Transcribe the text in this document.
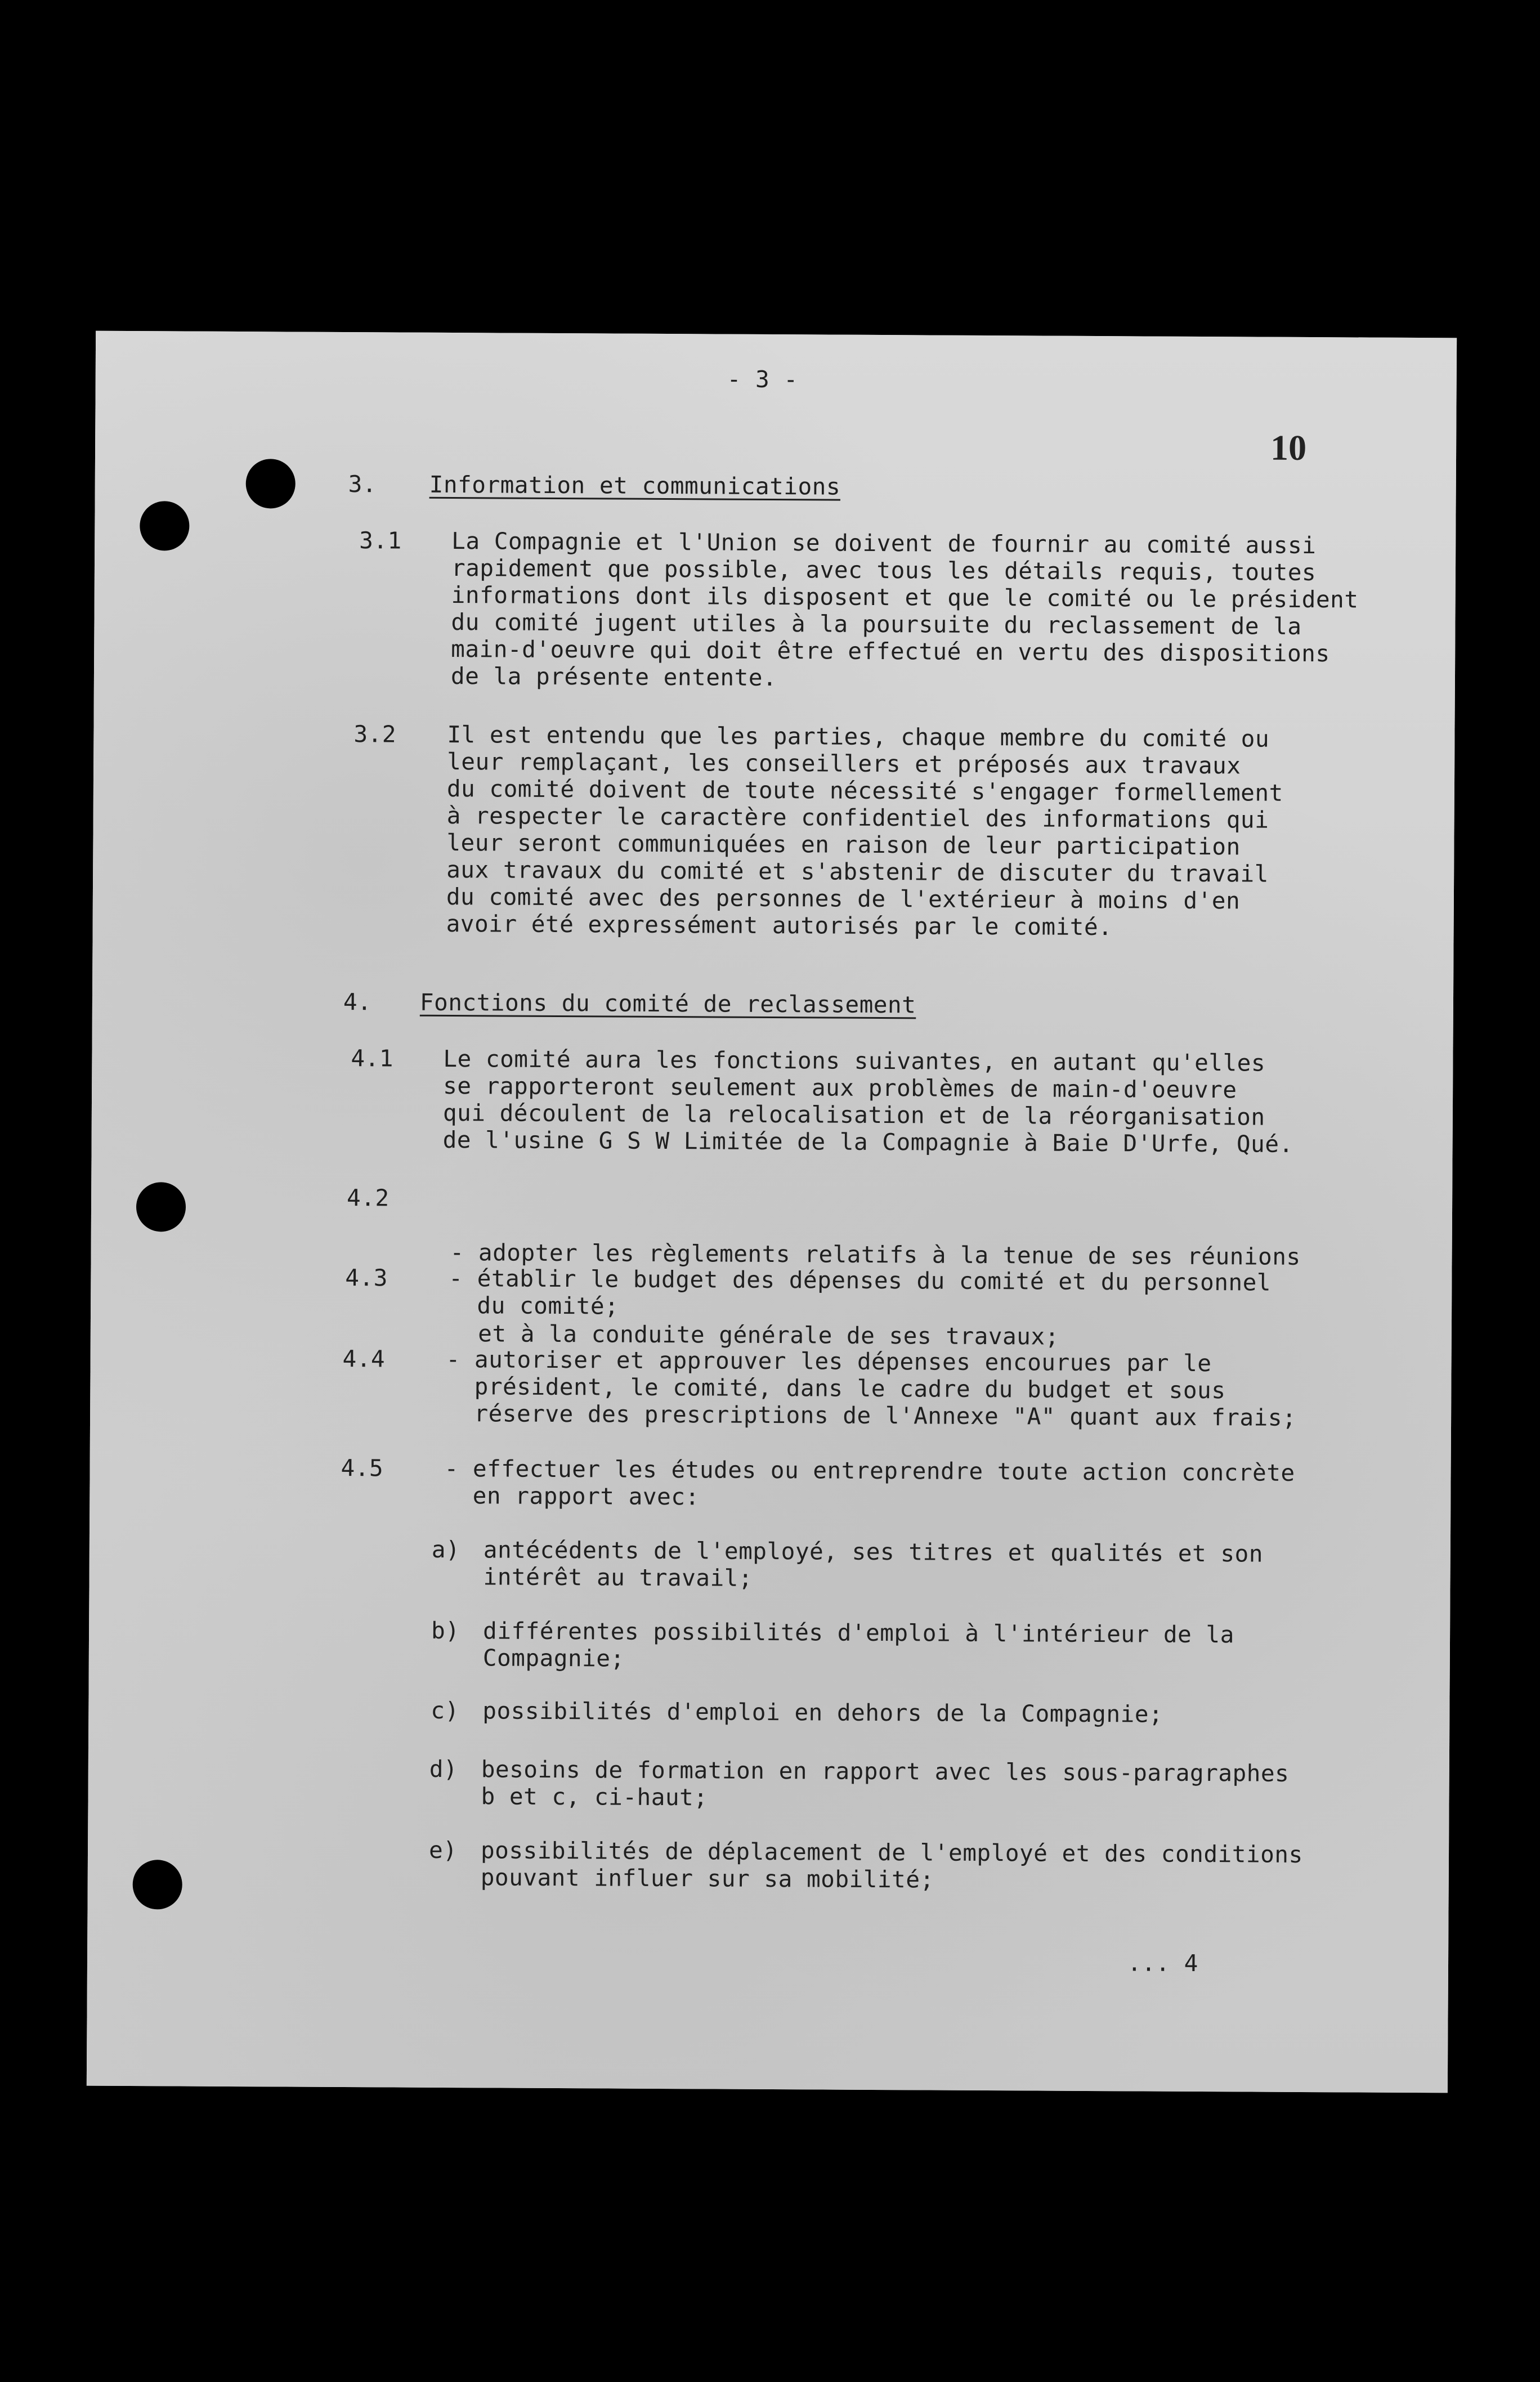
- 3 -
10
3. Information et communications
3.1 La Compagnie et l'Union se doivent de fournir au comité aussi
rapidement que possible, avec tous les détails requis, toutes
informations dont ils disposent et que le comité ou le président
du comité jugent utiles à la poursuite du reclassement de la
main-d'oeuvre qui doit être effectué en vertu des dispositions
de la présente entente.
3.2 Il est entendu que les parties, chaque membre du comité ou
leur remplaçant, les conseillers et préposés aux travaux
du comité doivent de toute nécessité s'engager formellement
à respecter le caractère confidentiel des informations qui
leur seront communiquées en raison de leur participation
aux travaux du comité et s'abstenir de discuter du travail
du comité avec des personnes de l'extérieur à moins d'en
avoir été expressément autorisés par le comité.
4. Fonctions du comité de reclassement
4.1 Le comité aura les fonctions suivantes, en autant qu'elles
se rapporteront seulement aux problèmes de main-d'oeuvre
qui découlent de la relocalisation et de la réorganisation
de l'usine G S W Limitée de la Compagnie à Baie D'Urfe, Qué.
4.2

- adopter les règlements relatifs à la tenue de ses réunions

et à la conduite générale de ses travaux;

4.3	- établir le budget des dépenses du comité et du personnel
du comité;
4.4	- autoriser et approuver les dépenses encourues par le
président, le comité, dans le cadre du budget et sous
réserve des prescriptions de l'Annexe "A" quant aux frais;
4.5	- effectuer les études ou entreprendre toute action concrète
en rapport avec:
a) antécédents de l'employé, ses titres et qualités et son
intérêt au travail;
b) différentes possibilités d'emploi à l'intérieur de la
Compagnie;
c) possibilités d'emploi en dehors de la Compagnie;
d) besoins de formation en rapport avec les sous-paragraphes
b et c, ci-haut;
e) possibilités de déplacement de l'employé et des conditions
pouvant influer sur sa mobilité;
... 4
